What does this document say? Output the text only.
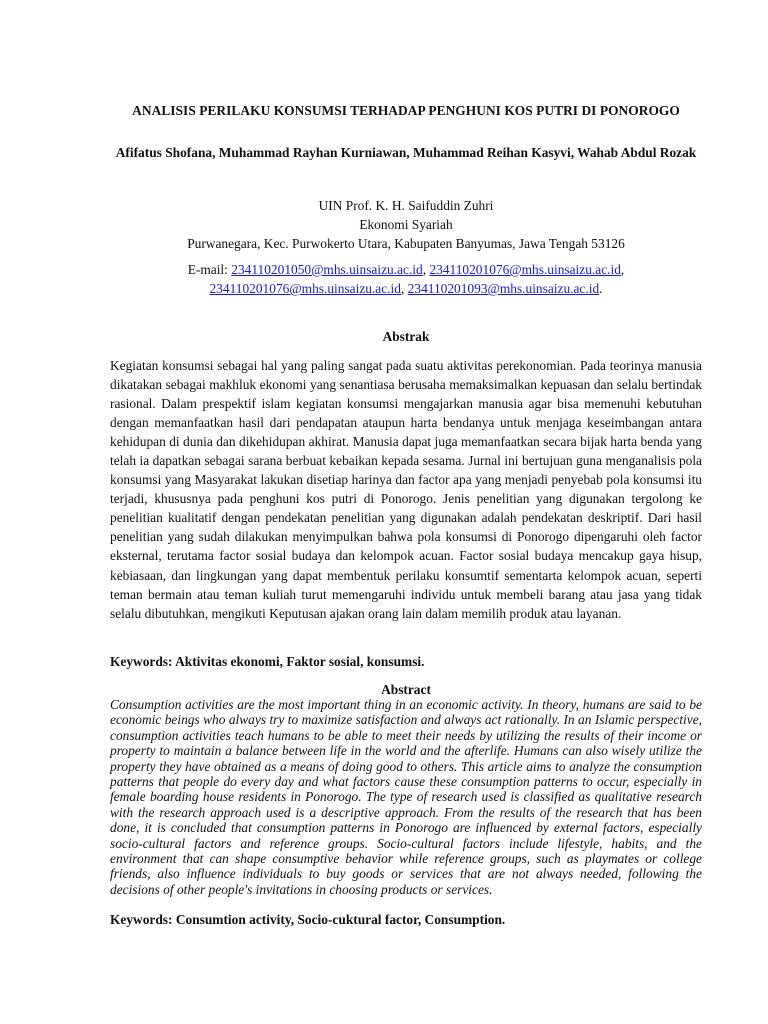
ANALISIS PERILAKU KONSUMSI TERHADAP PENGHUNI KOS PUTRI DI PONOROGO
Afifatus Shofana, Muhammad Rayhan Kurniawan, Muhammad Reihan Kasyvi, Wahab Abdul Rozak
UIN Prof. K. H. Saifuddin Zuhri
Ekonomi Syariah
Purwanegara, Kec. Purwokerto Utara, Kabupaten Banyumas, Jawa Tengah 53126
E-mail: 234110201050@mhs.uinsaizu.ac.id, 234110201076@mhs.uinsaizu.ac.id,
234110201076@mhs.uinsaizu.ac.id, 234110201093@mhs.uinsaizu.ac.id.
Abstrak
Kegiatan konsumsi sebagai hal yang paling sangat pada suatu aktivitas perekonomian. Pada teorinya manusia dikatakan sebagai makhluk ekonomi yang senantiasa berusaha memaksimalkan kepuasan dan selalu bertindak rasional. Dalam prespektif islam kegiatan konsumsi mengajarkan manusia agar bisa memenuhi kebutuhan dengan memanfaatkan hasil dari pendapatan ataupun harta bendanya untuk menjaga keseimbangan antara kehidupan di dunia dan dikehidupan akhirat. Manusia dapat juga memanfaatkan secara bijak harta benda yang telah ia dapatkan sebagai sarana berbuat kebaikan kepada sesama. Jurnal ini bertujuan guna menganalisis pola konsumsi yang Masyarakat lakukan disetiap harinya dan factor apa yang menjadi penyebab pola konsumsi itu terjadi, khususnya pada penghuni kos putri di Ponorogo. Jenis penelitian yang digunakan tergolong ke penelitian kualitatif dengan pendekatan penelitian yang digunakan adalah pendekatan deskriptif. Dari hasil penelitian yang sudah dilakukan menyimpulkan bahwa pola konsumsi di Ponorogo dipengaruhi oleh factor eksternal, terutama factor sosial budaya dan kelompok acuan. Factor sosial budaya mencakup gaya hisup, kebiasaan, dan lingkungan yang dapat membentuk perilaku konsumtif sementarta kelompok acuan, seperti teman bermain atau teman kuliah turut memengaruhi individu untuk membeli barang atau jasa yang tidak selalu dibutuhkan, mengikuti Keputusan ajakan orang lain dalam memilih produk atau layanan.
Keywords: Aktivitas ekonomi, Faktor sosial, konsumsi.
Abstract
Consumption activities are the most important thing in an economic activity. In theory, humans are said to be economic beings who always try to maximize satisfaction and always act rationally. In an Islamic perspective, consumption activities teach humans to be able to meet their needs by utilizing the results of their income or property to maintain a balance between life in the world and the afterlife. Humans can also wisely utilize the property they have obtained as a means of doing good to others. This article aims to analyze the consumption patterns that people do every day and what factors cause these consumption patterns to occur, especially in female boarding house residents in Ponorogo. The type of research used is classified as qualitative research with the research approach used is a descriptive approach. From the results of the research that has been done, it is concluded that consumption patterns in Ponorogo are influenced by external factors, especially socio-cultural factors and reference groups. Socio-cultural factors include lifestyle, habits, and the environment that can shape consumptive behavior while reference groups, such as playmates or college friends, also influence individuals to buy goods or services that are not always needed, following the decisions of other people's invitations in choosing products or services.
Keywords: Consumtion activity, Socio-cuktural factor, Consumption.
